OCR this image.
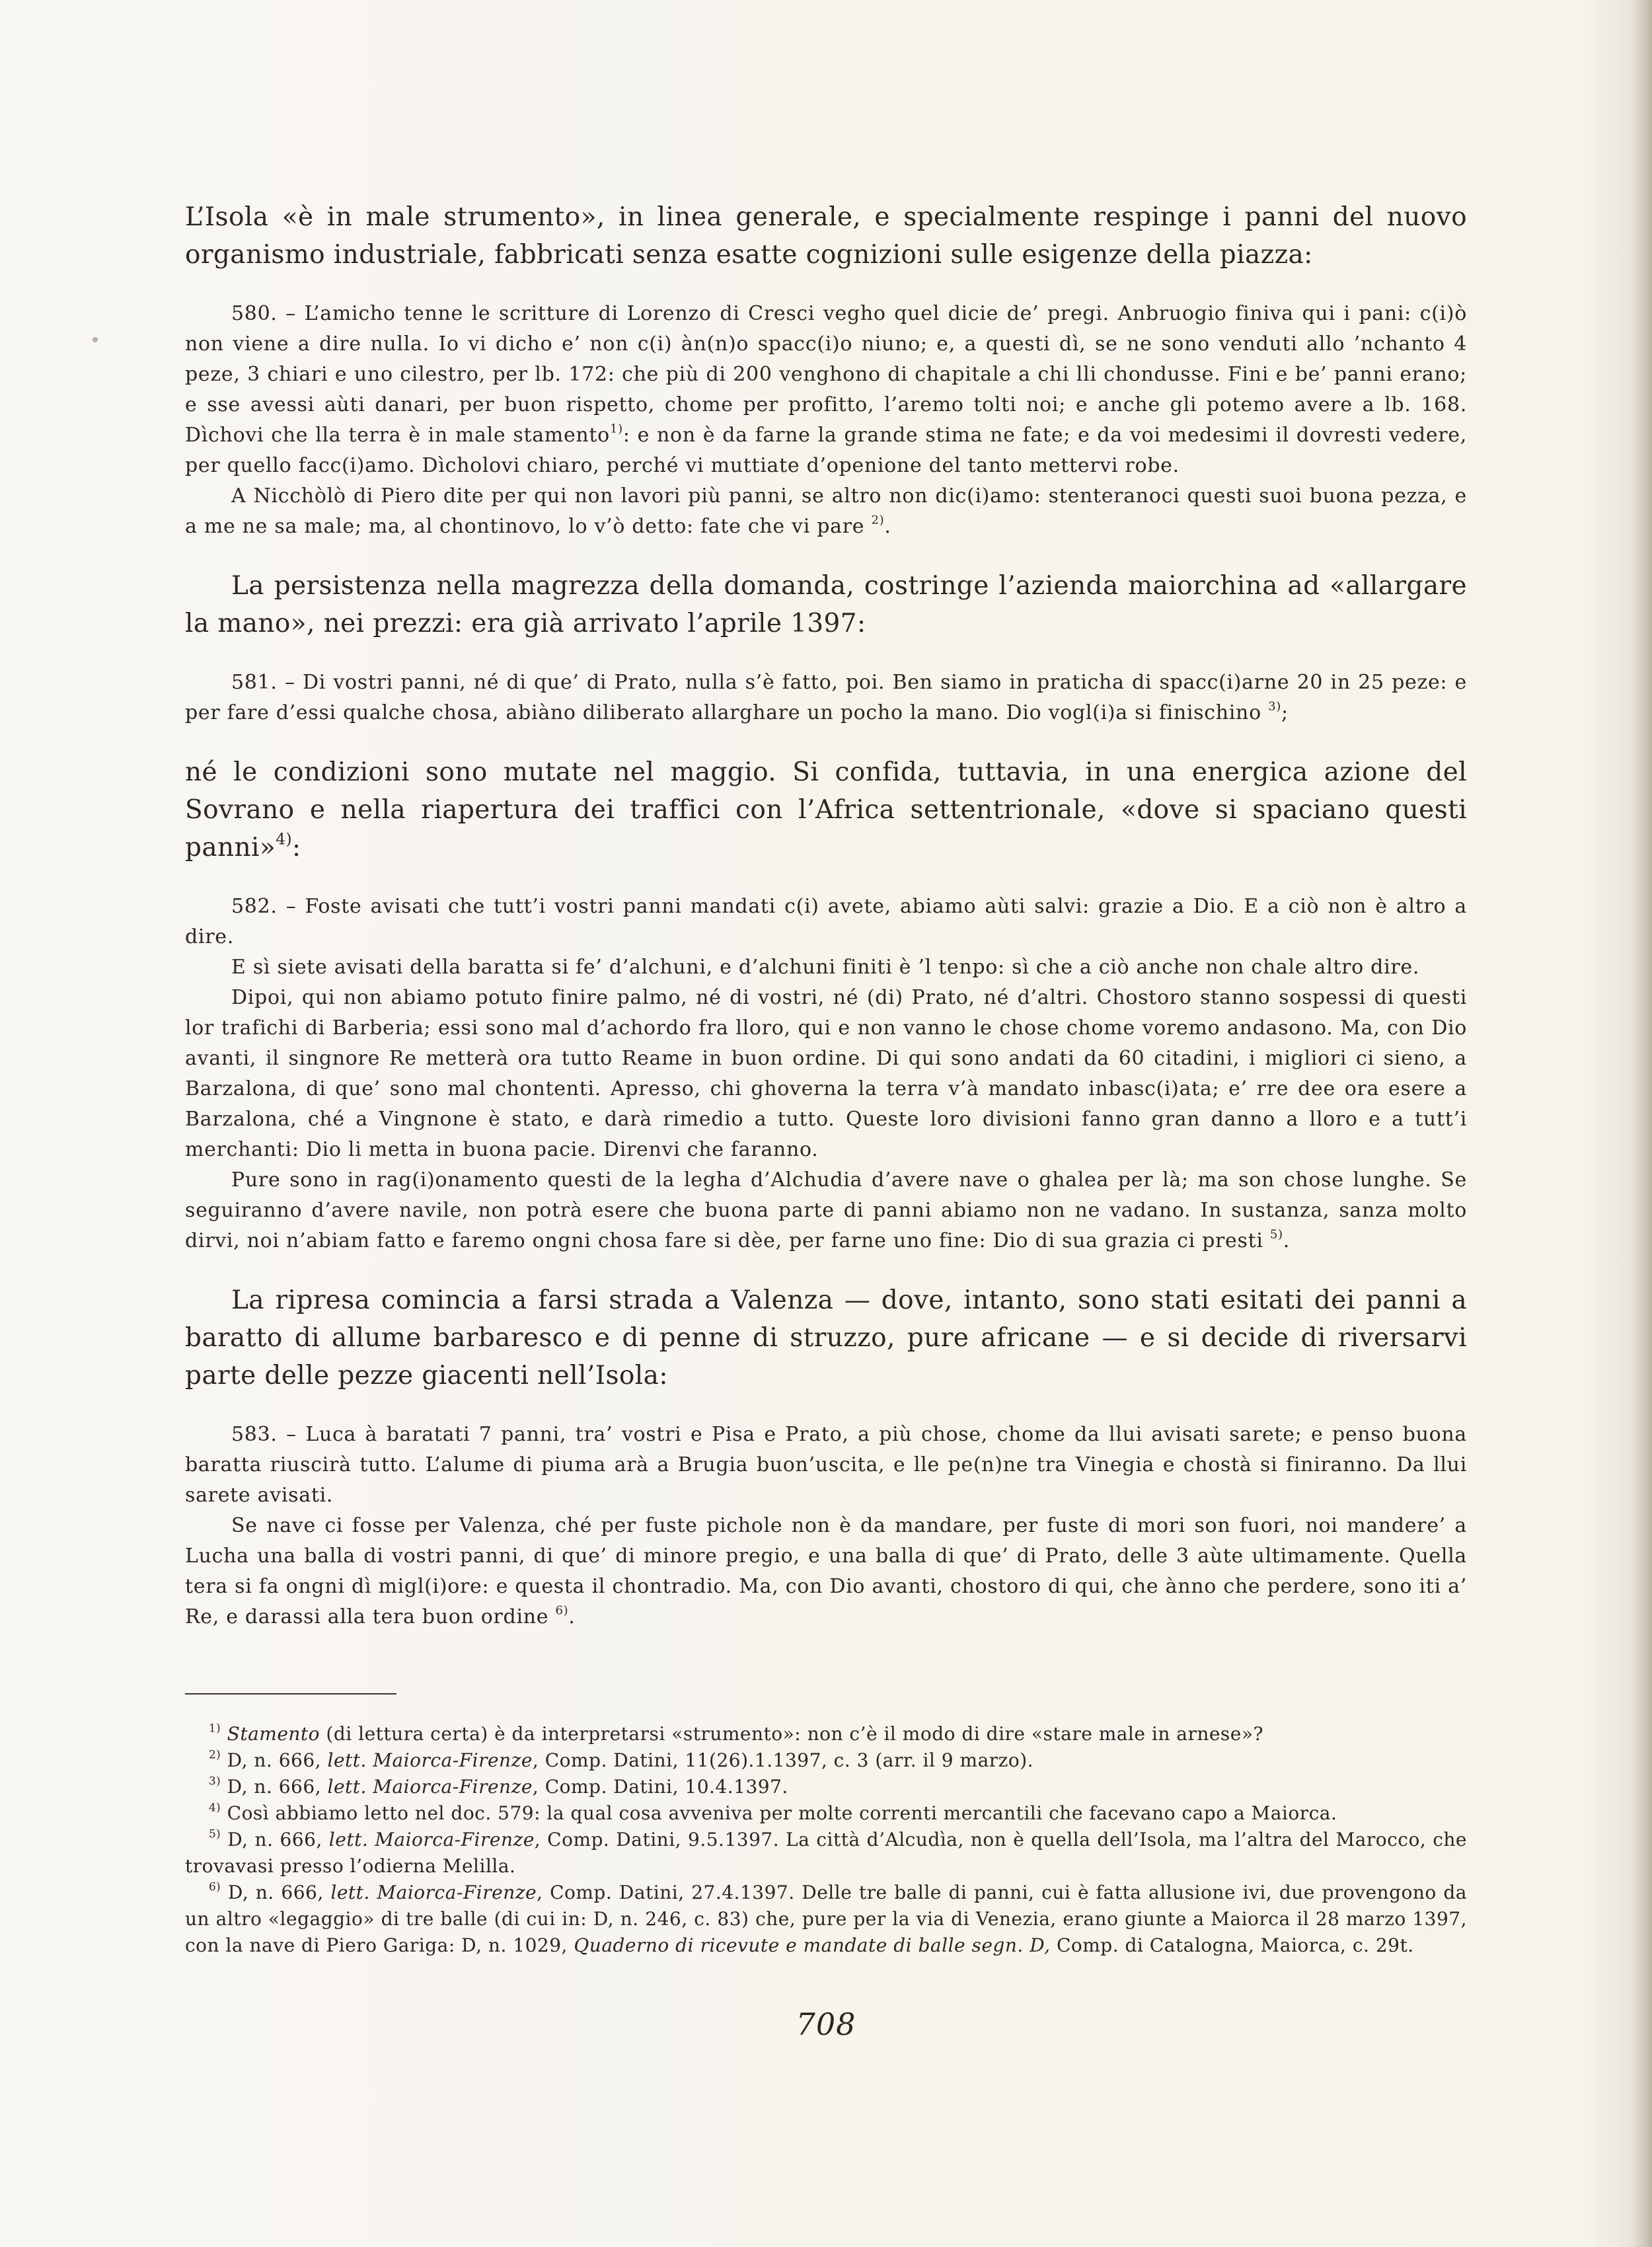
L’Isola «è in male strumento», in linea generale, e specialmente respinge i panni del nuovo organismo industriale, fabbricati senza esatte cognizioni sulle esigenze della piazza:

580. – L’amicho tenne le scritture di Lorenzo di Cresci vegho quel dicie de’ pregi. Anbruogio finiva qui i pani: c(i)ò non viene a dire nulla. Io vi dicho e’ non c(i) àn(n)o spacc(i)o niuno; e, a questi dì, se ne sono venduti allo ’nchanto 4 peze, 3 chiari e uno cilestro, per lb. 172: che più di 200 venghono di chapitale a chi lli chondusse. Fini e be’ panni erano; e sse avessi aùti danari, per buon rispetto, chome per profitto, l’aremo tolti noi; e anche gli potemo avere a lb. 168. Dìchovi che lla terra è in male stamento$^{1)}$: e non è da farne la grande stima ne fate; e da voi medesimi il dovresti vedere, per quello facc(i)amo. Dìcholovi chiaro, perché vi muttiate d’openione del tanto mettervi robe.

A Nicchòlò di Piero dite per qui non lavori più panni, se altro non dic(i)amo: stenteranoci questi suoi buona pezza, e a me ne sa male; ma, al chontinovo, lo v’ò detto: fate che vi pare $^{2)}$.

La persistenza nella magrezza della domanda, costringe l’azienda maiorchina ad «allargare la mano», nei prezzi: era già arrivato l’aprile 1397:

581. – Di vostri panni, né di que’ di Prato, nulla s’è fatto, poi. Ben siamo in praticha di spacc(i)arne 20 in 25 peze: e per fare d’essi qualche chosa, abiàno diliberato allarghare un pocho la mano. Dio vogl(i)a si finischino $^{3)}$;

né le condizioni sono mutate nel maggio. Si confida, tuttavia, in una energica azione del Sovrano e nella riapertura dei traffici con l’Africa settentrionale, «dove si spaciano questi panni»$^{4)}$:

582. – Foste avisati che tutt’i vostri panni mandati c(i) avete, abiamo aùti salvi: grazie a Dio. E a ciò non è altro a dire.

E sì siete avisati della baratta si fe’ d’alchuni, e d’alchuni finiti è ’l tenpo: sì che a ciò anche non chale altro dire.

Dipoi, qui non abiamo potuto finire palmo, né di vostri, né (di) Prato, né d’altri. Chostoro stanno sospessi di questi lor trafichi di Barberia; essi sono mal d’achordo fra lloro, qui e non vanno le chose chome voremo andasono. Ma, con Dio avanti, il singnore Re metterà ora tutto Reame in buon ordine. Di qui sono andati da 60 citadini, i migliori ci sieno, a Barzalona, di que’ sono mal chontenti. Apresso, chi ghoverna la terra v’à mandato inbasc(i)ata; e’ rre dee ora esere a Barzalona, ché a Vingnone è stato, e darà rimedio a tutto. Queste loro divisioni fanno gran danno a lloro e a tutt’i merchanti: Dio li metta in buona pacie. Direnvi che faranno.

Pure sono in rag(i)onamento questi de la legha d’Alchudia d’avere nave o ghalea per là; ma son chose lunghe. Se seguiranno d’avere navile, non potrà esere che buona parte di panni abiamo non ne vadano. In sustanza, sanza molto dirvi, noi n’abiam fatto e faremo ongni chosa fare si dèe, per farne uno fine: Dio di sua grazia ci presti $^{5)}$.

La ripresa comincia a farsi strada a Valenza — dove, intanto, sono stati esitati dei panni a baratto di allume barbaresco e di penne di struzzo, pure africane — e si decide di riversarvi parte delle pezze giacenti nell’Isola:

583. – Luca à baratati 7 panni, tra’ vostri e Pisa e Prato, a più chose, chome da llui avisati sarete; e penso buona baratta riuscirà tutto. L’alume di piuma arà a Brugia buon’uscita, e lle pe(n)ne tra Vinegia e chostà si finiranno. Da llui sarete avisati.

Se nave ci fosse per Valenza, ché per fuste pichole non è da mandare, per fuste di mori son fuori, noi mandere’ a Lucha una balla di vostri panni, di que’ di minore pregio, e una balla di que’ di Prato, delle 3 aùte ultimamente. Quella tera si fa ongni dì migl(i)ore: e questa il chontradio. Ma, con Dio avanti, chostoro di qui, che ànno che perdere, sono iti a’ Re, e darassi alla tera buon ordine $^{6)}$.

$^{1)}$ Stamento (di lettura certa) è da interpretarsi «strumento»: non c’è il modo di dire «stare male in arnese»?

$^{2)}$ D, n. 666, lett. Maiorca-Firenze, Comp. Datini, 11(26).1.1397, c. 3 (arr. il 9 marzo).

$^{3)}$ D, n. 666, lett. Maiorca-Firenze, Comp. Datini, 10.4.1397.

$^{4)}$ Così abbiamo letto nel doc. 579: la qual cosa avveniva per molte correnti mercantili che facevano capo a Maiorca.

$^{5)}$ D, n. 666, lett. Maiorca-Firenze, Comp. Datini, 9.5.1397. La città d’Alcudìa, non è quella dell’Isola, ma l’altra del Marocco, che trovavasi presso l’odierna Melilla.

$^{6)}$ D, n. 666, lett. Maiorca-Firenze, Comp. Datini, 27.4.1397. Delle tre balle di panni, cui è fatta allusione ivi, due provengono da un altro «legaggio» di tre balle (di cui in: D, n. 246, c. 83) che, pure per la via di Venezia, erano giunte a Maiorca il 28 marzo 1397, con la nave di Piero Gariga: D, n. 1029, Quaderno di ricevute e mandate di balle segn. D, Comp. di Catalogna, Maiorca, c. 29t.

708
